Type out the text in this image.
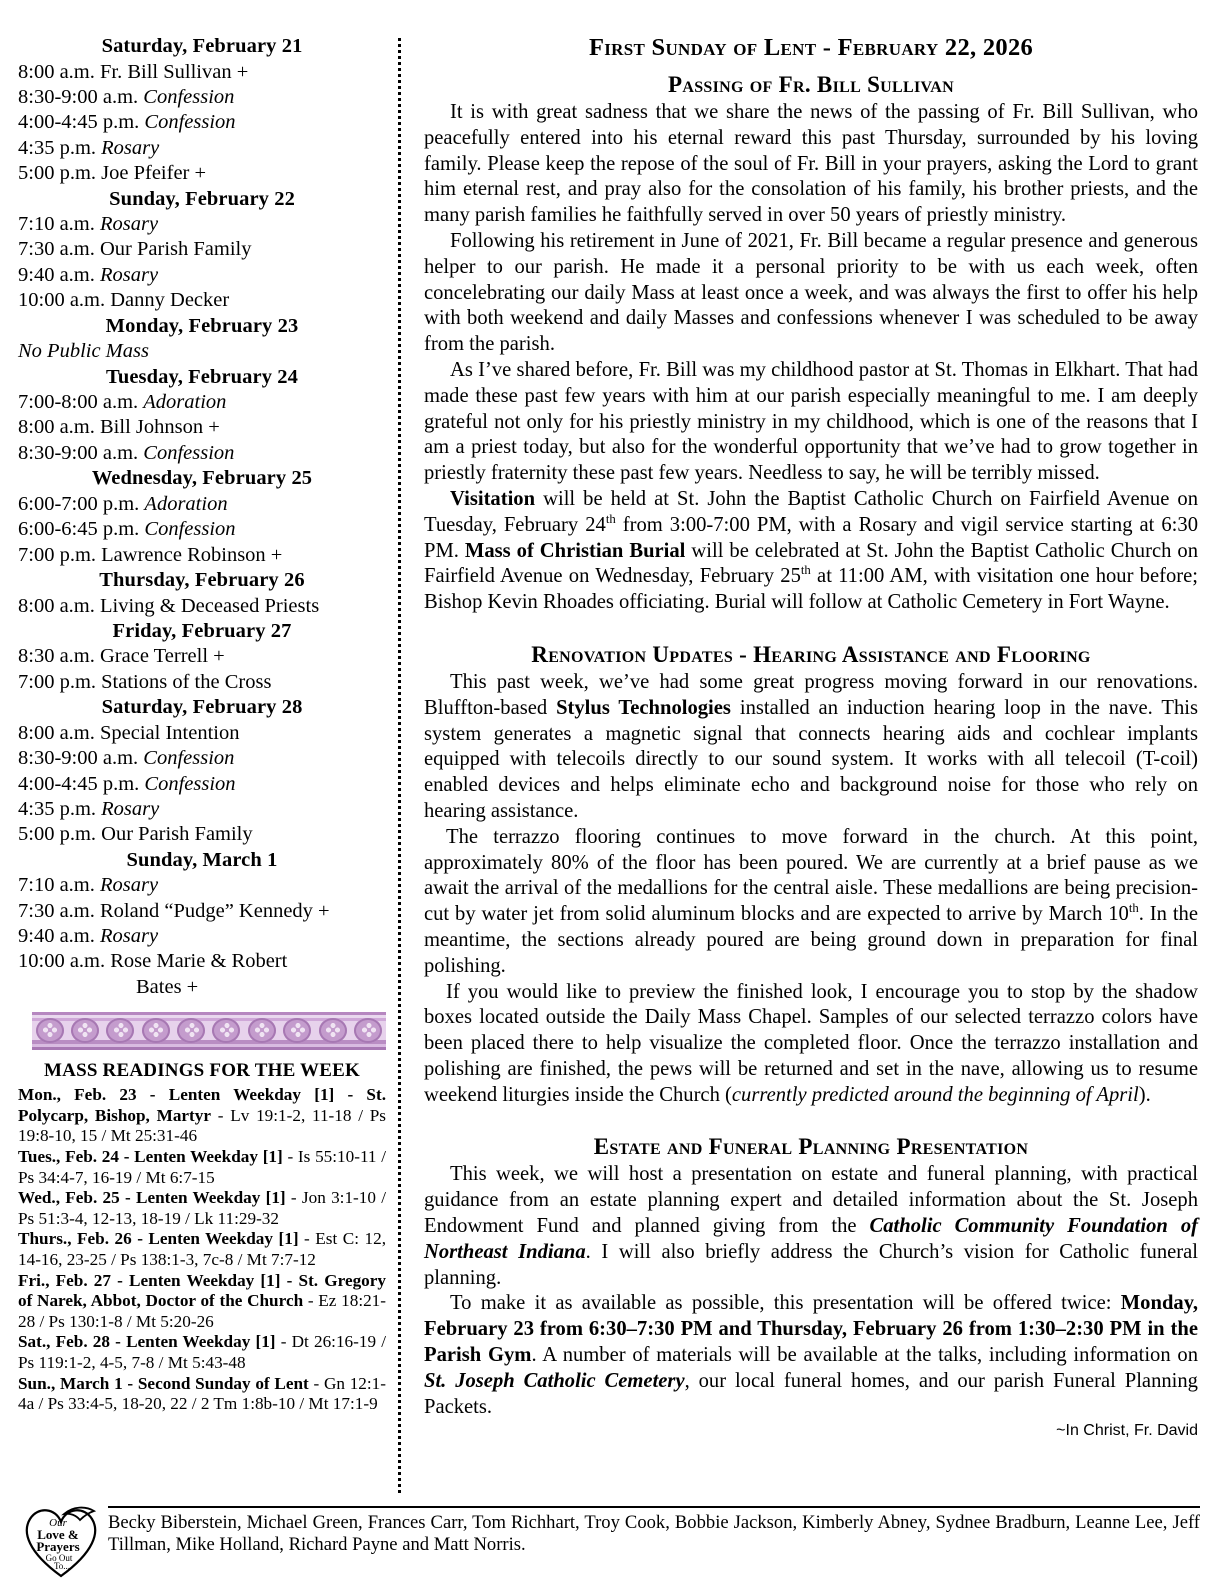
Saturday, February 21
8:00 a.m. Fr. Bill Sullivan +
8:30-9:00 a.m. Confession
4:00-4:45 p.m. Confession
4:35 p.m. Rosary
5:00 p.m. Joe Pfeifer +
Sunday, February 22
7:10 a.m. Rosary
7:30 a.m. Our Parish Family
9:40 a.m. Rosary
10:00 a.m. Danny Decker
Monday, February 23
No Public Mass
Tuesday, February 24
7:00-8:00 a.m. Adoration
8:00 a.m. Bill Johnson +
8:30-9:00 a.m. Confession
Wednesday, February 25
6:00-7:00 p.m. Adoration
6:00-6:45 p.m. Confession
7:00 p.m. Lawrence Robinson +
Thursday, February 26
8:00 a.m. Living & Deceased Priests
Friday, February 27
8:30 a.m. Grace Terrell +
7:00 p.m. Stations of the Cross
Saturday, February 28
8:00 a.m. Special Intention
8:30-9:00 a.m. Confession
4:00-4:45 p.m. Confession
4:35 p.m. Rosary
5:00 p.m. Our Parish Family
Sunday, March 1
7:10 a.m. Rosary
7:30 a.m. Roland “Pudge” Kennedy +
9:40 a.m. Rosary
10:00 a.m. Rose Marie & Robert
Bates +
MASS READINGS FOR THE WEEK

Mon., Feb. 23 - Lenten Weekday [1] - St. Polycarp, Bishop, Martyr - Lv 19:1-2, 11-18 / Ps 19:8-10, 15 / Mt 25:31-46

Tues., Feb. 24 - Lenten Weekday [1] - Is 55:10-11 / Ps 34:4-7, 16-19 / Mt 6:7-15

Wed., Feb. 25 - Lenten Weekday [1] - Jon 3:1-10 / Ps 51:3-4, 12-13, 18-19 / Lk 11:29-32

Thurs., Feb. 26 - Lenten Weekday [1] - Est C: 12, 14-16, 23-25 / Ps 138:1-3, 7c-8 / Mt 7:7-12

Fri., Feb. 27 - Lenten Weekday [1] - St. Gregory of Narek, Abbot, Doctor of the Church - Ez 18:21-28 / Ps 130:1-8 / Mt 5:20-26

Sat., Feb. 28 - Lenten Weekday [1] - Dt 26:16-19 / Ps 119:1-2, 4-5, 7-8 / Mt 5:43-48

Sun., March 1 - Second Sunday of Lent - Gn 12:1-4a / Ps 33:4-5, 18-20, 22 / 2 Tm 1:8b-10 / Mt 17:1-9

First Sunday of Lent - February 22, 2026
Passing of Fr. Bill Sullivan

It is with great sadness that we share the news of the passing of Fr. Bill Sullivan, who peacefully entered into his eternal reward this past Thursday, surrounded by his loving family. Please keep the repose of the soul of Fr. Bill in your prayers, asking the Lord to grant him eternal rest, and pray also for the consolation of his family, his brother priests, and the many parish families he faithfully served in over 50 years of priestly ministry.

Following his retirement in June of 2021, Fr. Bill became a regular presence and generous helper to our parish. He made it a personal priority to be with us each week, often concelebrating our daily Mass at least once a week, and was always the first to offer his help with both weekend and daily Masses and confessions whenever I was scheduled to be away from the parish.

As I’ve shared before, Fr. Bill was my childhood pastor at St. Thomas in Elkhart. That had made these past few years with him at our parish especially meaningful to me. I am deeply grateful not only for his priestly ministry in my childhood, which is one of the reasons that I am a priest today, but also for the wonderful opportunity that we’ve had to grow together in priestly fraternity these past few years. Needless to say, he will be terribly missed.

Visitation will be held at St. John the Baptist Catholic Church on Fairfield Avenue on Tuesday, February 24th from 3:00-7:00 PM, with a Rosary and vigil service starting at 6:30 PM. Mass of Christian Burial will be celebrated at St. John the Baptist Catholic Church on Fairfield Avenue on Wednesday, February 25th at 11:00 AM, with visitation one hour before; Bishop Kevin Rhoades officiating. Burial will follow at Catholic Cemetery in Fort Wayne.

Renovation Updates - Hearing Assistance and Flooring

This past week, we’ve had some great progress moving forward in our renovations. Bluffton-based Stylus Technologies installed an induction hearing loop in the nave. This system generates a magnetic signal that connects hearing aids and cochlear implants equipped with telecoils directly to our sound system. It works with all telecoil (T-coil) enabled devices and helps eliminate echo and background noise for those who rely on hearing assistance.

The terrazzo flooring continues to move forward in the church. At this point, approximately 80% of the floor has been poured. We are currently at a brief pause as we await the arrival of the medallions for the central aisle. These medallions are being precision-cut by water jet from solid aluminum blocks and are expected to arrive by March 10th. In the meantime, the sections already poured are being ground down in preparation for final polishing.

If you would like to preview the finished look, I encourage you to stop by the shadow boxes located outside the Daily Mass Chapel. Samples of our selected terrazzo colors have been placed there to help visualize the completed floor. Once the terrazzo installation and polishing are finished, the pews will be returned and set in the nave, allowing us to resume weekend liturgies inside the Church (currently predicted around the beginning of April).

Estate and Funeral Planning Presentation

This week, we will host a presentation on estate and funeral planning, with practical guidance from an estate planning expert and detailed information about the St. Joseph Endowment Fund and planned giving from the Catholic Community Foundation of Northeast Indiana. I will also briefly address the Church’s vision for Catholic funeral planning.

To make it as available as possible, this presentation will be offered twice: Monday, February 23 from 6:30–7:30 PM and Thursday, February 26 from 1:30–2:30 PM in the Parish Gym. A number of materials will be available at the talks, including information on St. Joseph Catholic Cemetery, our local funeral homes, and our parish Funeral Planning Packets.

~In Christ, Fr. David

Our
Love &
Prayers
Go Out
To...

Becky Biberstein, Michael Green, Frances Carr, Tom Richhart, Troy Cook, Bobbie Jackson, Kimberly Abney, Sydnee Bradburn, Leanne Lee, Jeff Tillman, Mike Holland, Richard Payne and Matt Norris.
